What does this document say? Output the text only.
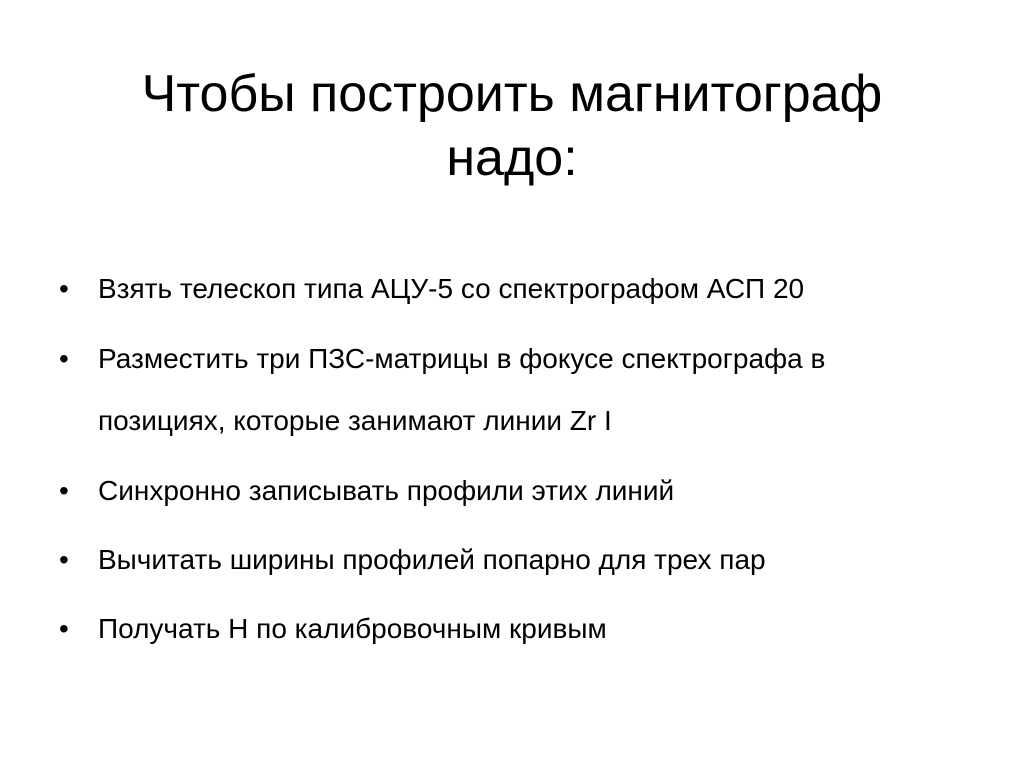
Чтобы построить магнитограф
надо:
• Взять телескоп типа АЦУ-5 со спектрографом АСП 20
• Разместить три ПЗС-матрицы в фокусе спектрографа в
позициях, которые занимают линии Zr I
• Синхронно записывать профили этих линий
• Вычитать ширины профилей попарно для трех пар
• Получать H по калибровочным кривым
